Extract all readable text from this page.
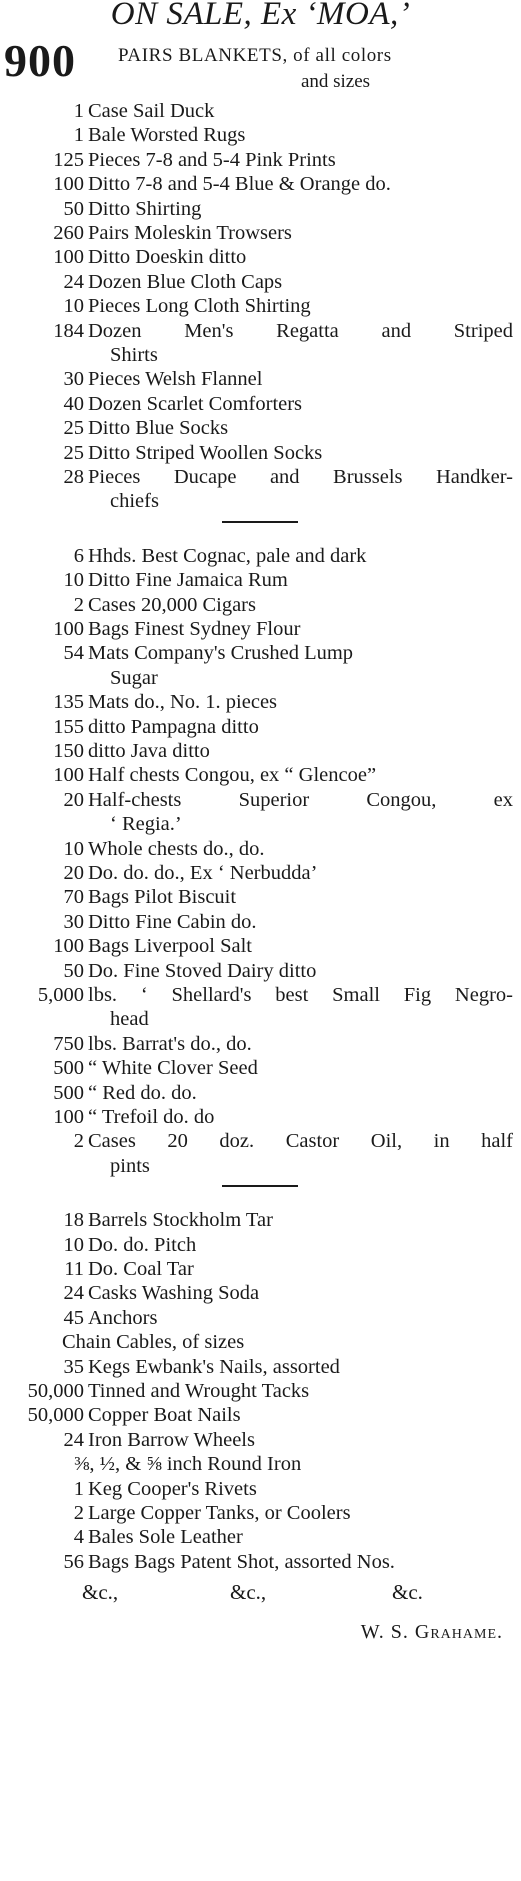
ON SALE, Ex ‘MOA,’
900 PAIRS BLANKETS, of all colors
and sizes
1 Case Sail Duck
1 Bale Worsted Rugs
125 Pieces 7-8 and 5-4 Pink Prints
100 Ditto 7-8 and 5-4 Blue & Orange do.
50 Ditto Shirting
260 Pairs Moleskin Trowsers
100 Ditto Doeskin ditto
24 Dozen Blue Cloth Caps
10 Pieces Long Cloth Shirting
184 Dozen Men's Regatta and Striped
Shirts
30 Pieces Welsh Flannel
40 Dozen Scarlet Comforters
25 Ditto Blue Socks
25 Ditto Striped Woollen Socks
28 Pieces Ducape and Brussels Handker-
chiefs
6 Hhds. Best Cognac, pale and dark
10 Ditto Fine Jamaica Rum
2 Cases 20,000 Cigars
100 Bags Finest Sydney Flour
54 Mats Company's Crushed Lump
Sugar
135 Mats do., No. 1. pieces
155 ditto Pampagna ditto
150 ditto Java ditto
100 Half chests Congou, ex “ Glencoe”
20 Half-chests Superior Congou, ex
‘ Regia.’
10 Whole chests do., do.
20 Do. do. do., Ex ‘ Nerbudda’
70 Bags Pilot Biscuit
30 Ditto Fine Cabin do.
100 Bags Liverpool Salt
50 Do. Fine Stoved Dairy ditto
5,000 lbs. ‘ Shellard's best Small Fig Negro-
head
750 lbs. Barrat's do., do.
500 “ White Clover Seed
500 “ Red do. do.
100 “ Trefoil do. do
2 Cases 20 doz. Castor Oil, in half
pints
18 Barrels Stockholm Tar
10 Do. do. Pitch
11 Do. Coal Tar
24 Casks Washing Soda
45 Anchors
Chain Cables, of sizes
35 Kegs Ewbank's Nails, assorted
50,000 Tinned and Wrought Tacks
50,000 Copper Boat Nails
24 Iron Barrow Wheels
⅜, ½, & ⅝ inch Round Iron
1 Keg Cooper's Rivets
2 Large Copper Tanks, or Coolers
4 Bales Sole Leather
56 Bags Bags Patent Shot, assorted Nos.
&c.,	&c.,	&c.
W. S. Grahame.
